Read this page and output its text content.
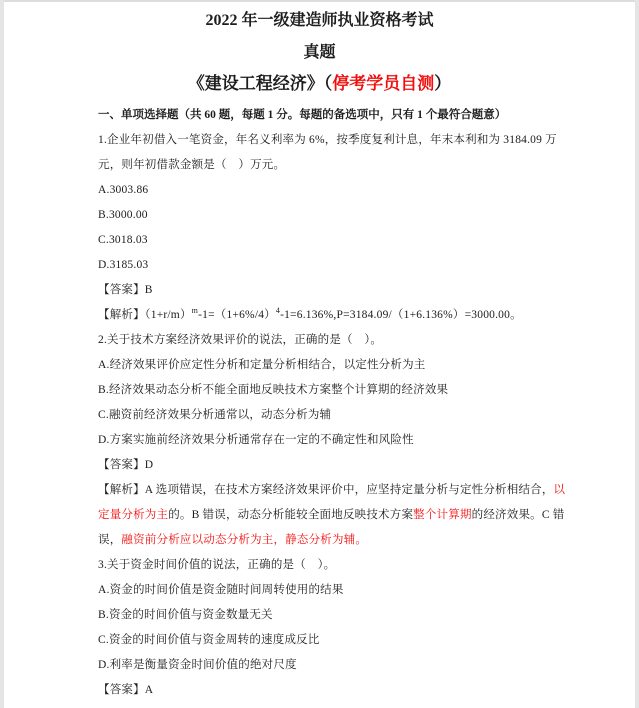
2022 年一级建造师执业资格考试
真题
《建设工程经济》（停考学员自测）
一、单项选择题（共 60 题，每题 1 分。每题的备选项中，只有 1 个最符合题意）
1.企业年初借入一笔资金，年名义利率为 6%，按季度复利计息，年末本利和为 3184.09 万
元，则年初借款金额是（　）万元。
A.3003.86
B.3000.00
C.3018.03
D.3185.03
【答案】B
【解析】$(1+r/m)^m-1=(1+6\%/4)^4-1=6.136\%,P=3184.09/(1+6.136\%)=3000.00$。
2.关于技术方案经济效果评价的说法，正确的是（　）。
A.经济效果评价应定性分析和定量分析相结合，以定性分析为主
B.经济效果动态分析不能全面地反映技术方案整个计算期的经济效果
C.融资前经济效果分析通常以，动态分析为辅
D.方案实施前经济效果分析通常存在一定的不确定性和风险性
【答案】D
【解析】A 选项错误，在技术方案经济效果评价中，应坚持定量分析与定性分析相结合，以
定量分析为主的。B 错误，动态分析能较全面地反映技术方案整个计算期的经济效果。C 错
误，融资前分析应以动态分析为主，静态分析为辅。
3.关于资金时间价值的说法，正确的是（　）。
A.资金的时间价值是资金随时间周转使用的结果
B.资金的时间价值与资金数量无关
C.资金的时间价值与资金周转的速度成反比
D.利率是衡量资金时间价值的绝对尺度
【答案】A
